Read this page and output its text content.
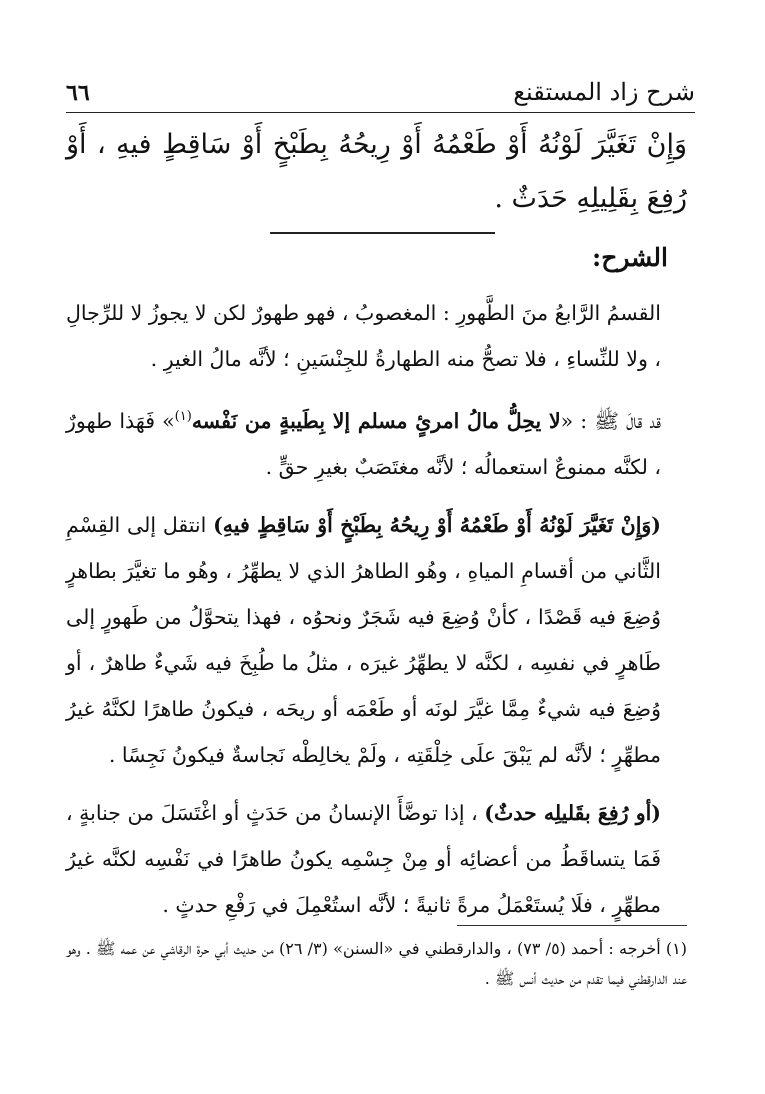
شرح زاد المستقنع
٦٦
وَإِنْ تَغَيَّرَ لَوْنُهُ أَوْ طَعْمُهُ أَوْ رِيحُهُ بِطَبْخٍ أَوْ سَاقِطٍ فيهِ ، أَوْ رُفِعَ بِقَلِيلِهِ حَدَثٌ .
الشرح:

القسمُ الرَّابعُ منَ الطَّهورِ : المغصوبُ ، فهو طهورٌ لكن لا يجوزُ لا للرِّجالِ ، ولا للنِّساءِ ، فلا تصحُّ منه الطهارةُ للجِنْسَينِ ؛ لأنَّه مالُ الغيرِ .

قد قالَ ﷺ : «لا يحِلُّ مالُ امرئٍ مسلم إلا بِطَيبةٍ من نَفْسه$^{(١)}$» فَهَذا طهورٌ ، لكنَّه ممنوعٌ استعمالُه ؛ لأنَّه مغتَصَبٌ بغيرِ حقٍّ .

(وَإِنْ تَغَيَّرَ لَوْنُهُ أَوْ طَعْمُهُ أَوْ رِيحُهُ بِطَبْخٍ أَوْ سَاقِطٍ فيهِ) انتقل إلى القِسْمِ الثَّاني من أقسامِ المياهِ ، وهُو الطاهرُ الذي لا يطهِّرُ ، وهُو ما تغيَّرَ بطاهرٍ وُضِعَ فيه قَصْدًا ، كأنْ وُضِعَ فيه شَجَرٌ ونحوُه ، فهذا يتحوَّلُ من طَهورٍ إلى طَاهرٍ في نفسِه ، لكنَّه لا يطهِّرُ غيرَه ، مثلُ ما طُبِخَ فيه شَيءٌ طاهرٌ ، أو وُضِعَ فيه شيءٌ مِمَّا غيَّرَ لونَه أو طَعْمَه أو ريحَه ، فيكونُ طاهرًا لكنَّهُ غيرُ مطهِّرٍ ؛ لأنَّه لم يَبْقَ علَى خِلْقَتِه ، ولَمْ يخالِطْه نَجاسةٌ فيكونُ نَجِسًا .

(أو رُفِعَ بقَليلِه حدثٌ) ، إذا توضَّأَ الإنسانُ من حَدَثٍ أو اغْتَسَلَ من جنابةٍ ، فَمَا يتساقَطُ من أعضائِه أو مِنْ جِسْمِه يكونُ طاهرًا في نَفْسِه لكنَّه غيرُ مطهِّرٍ ، فلَا يُستَعْمَلُ مرةً ثانيةً ؛ لأنَّه استُعْمِلَ في رَفْعِ حدثٍ .

(١) أخرجه : أحمد (٥/ ٧٣) ، والدارقطني في «السنن» (٣/ ٢٦) من حديث أبي حرة الرقاشي عن عمه ﷺ . وهو عند الدارقطني فيما تقدم من حديث أنس ﷺ .
